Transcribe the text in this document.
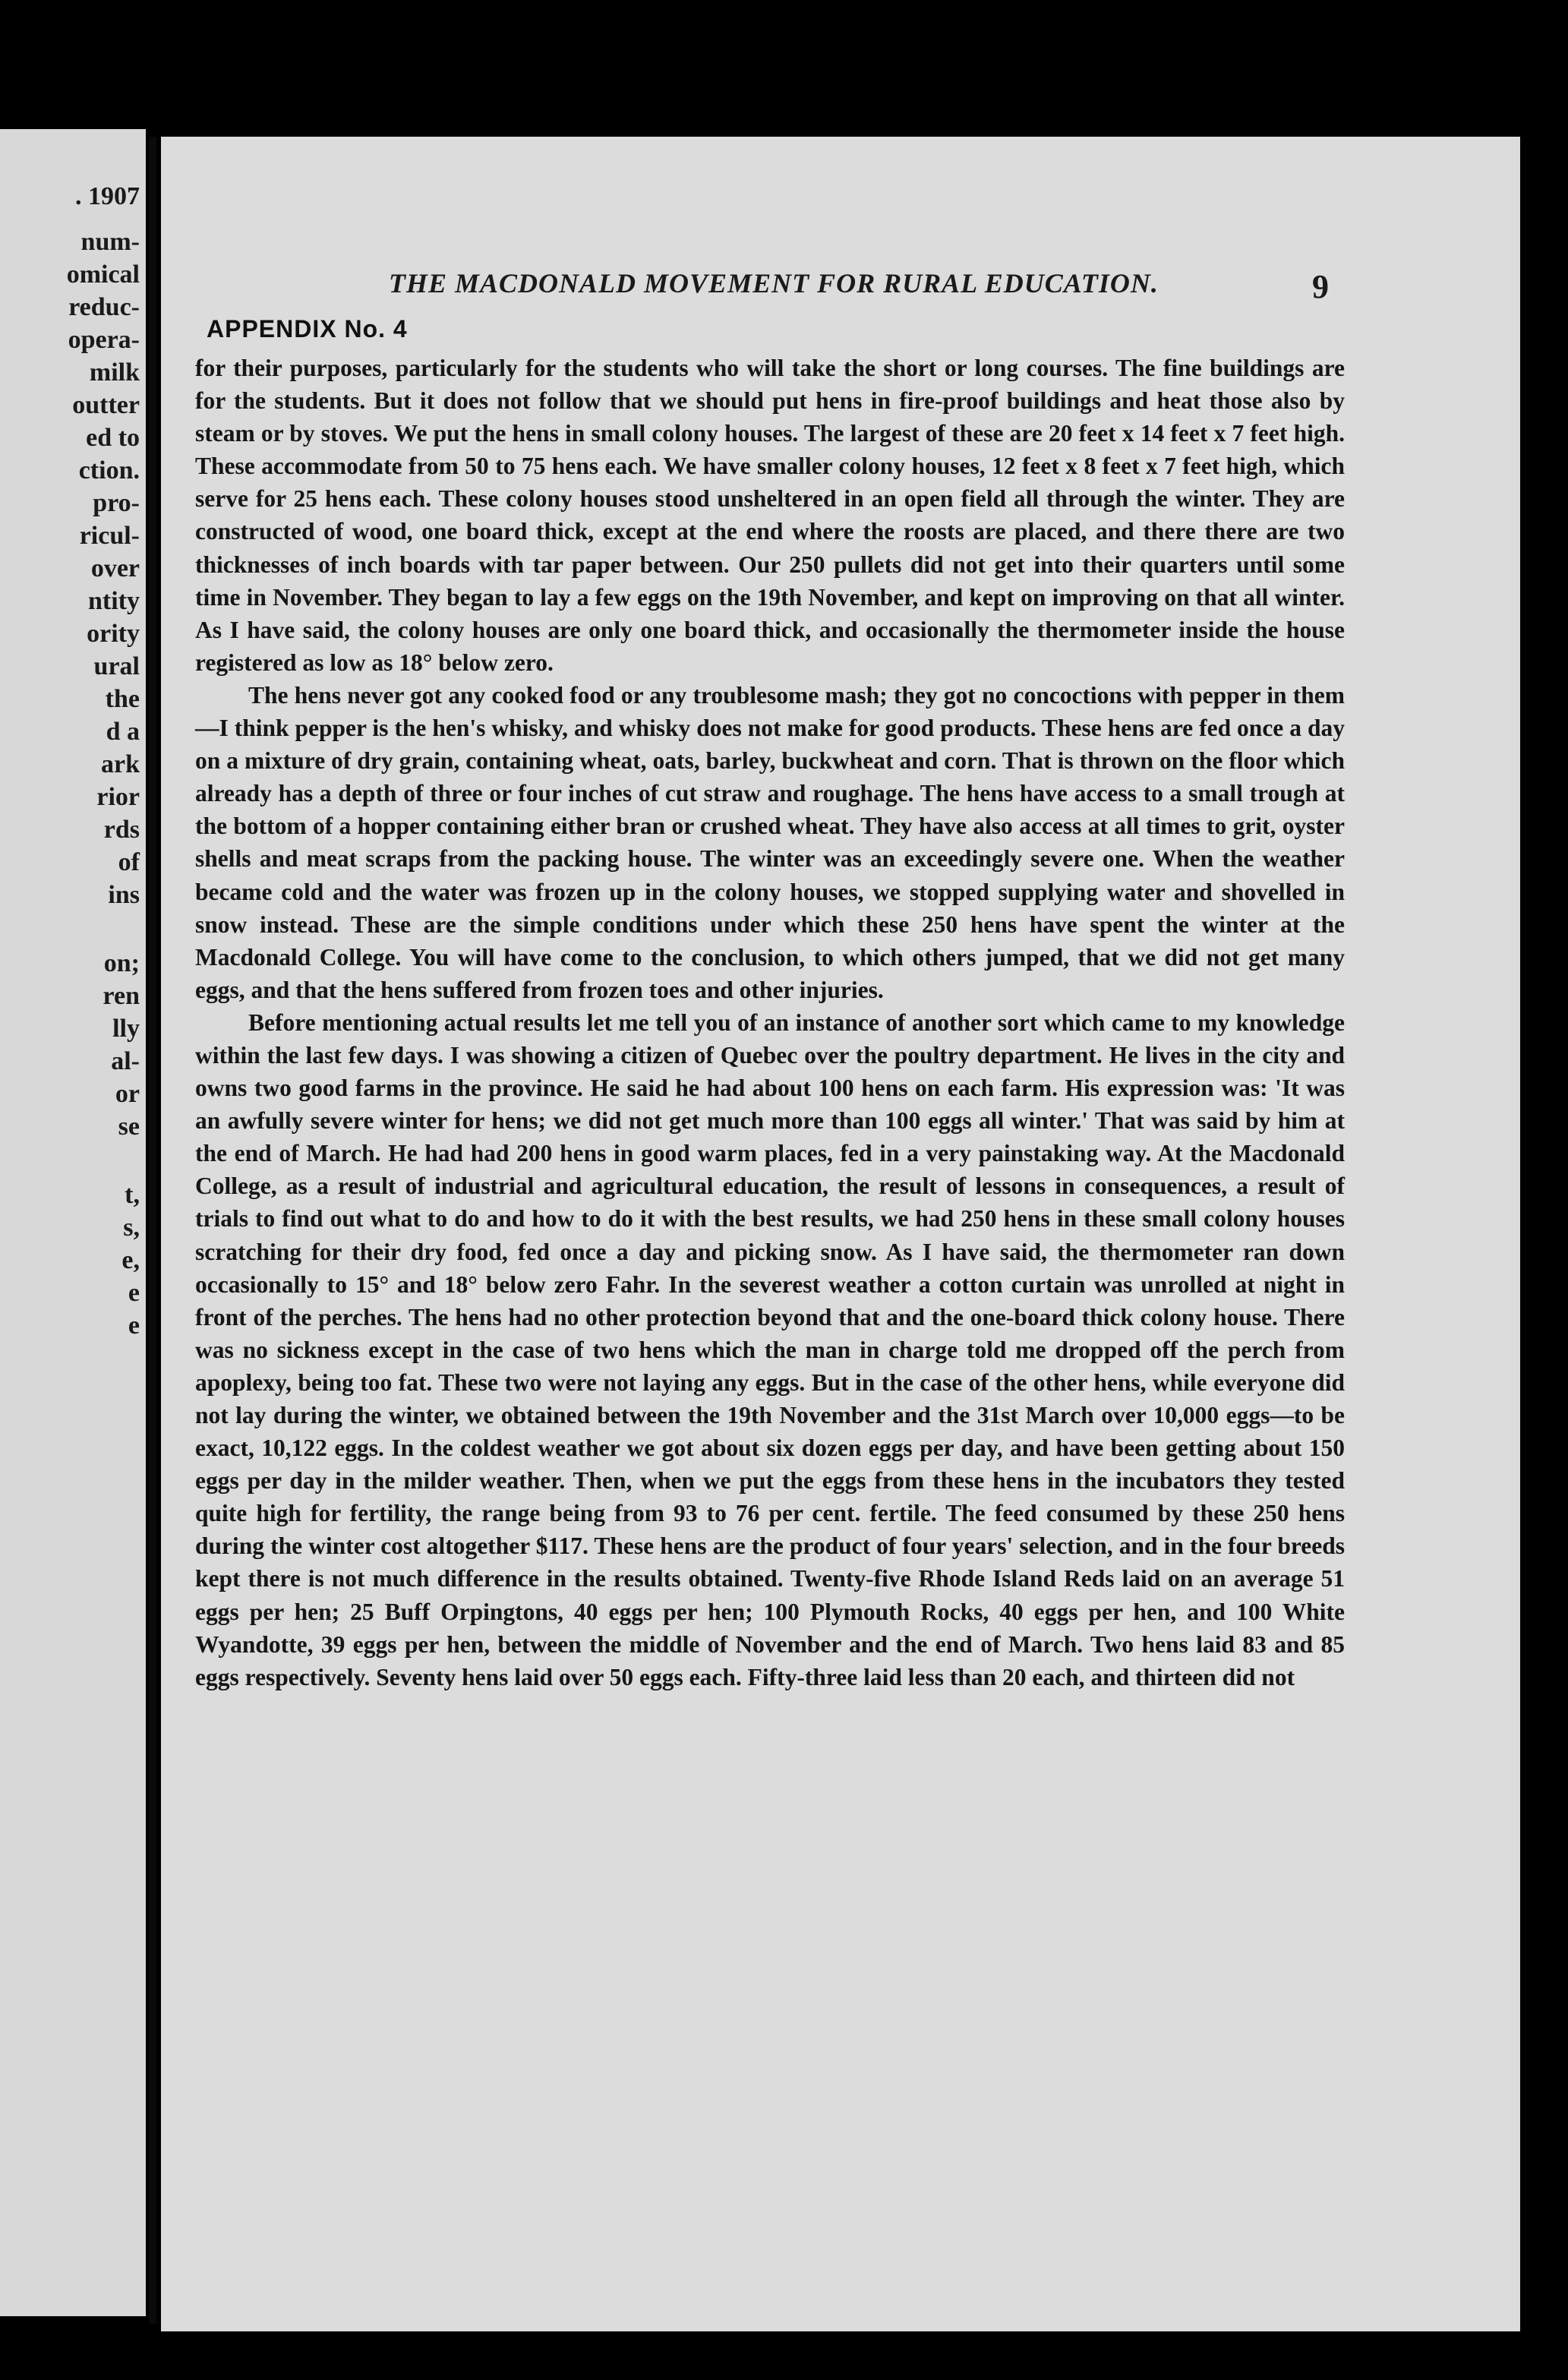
. 1907
num-
omical
reduc-
opera-
milk
outter
ed to
ction.
pro-
ricul-
over
ntity
ority
ural
the
d a
ark
rior
rds
of
ins
on;
ren
lly
al-
or
se
t,
s,
e,
e
e
THE MACDONALD MOVEMENT FOR RURAL EDUCATION.	9
APPENDIX No. 4

for their purposes, particularly for the students who will take the short or long courses. The fine buildings are for the students. But it does not follow that we should put hens in fire-proof buildings and heat those also by steam or by stoves. We put the hens in small colony houses. The largest of these are 20 feet x 14 feet x 7 feet high. These accommodate from 50 to 75 hens each. We have smaller colony houses, 12 feet x 8 feet x 7 feet high, which serve for 25 hens each. These colony houses stood unsheltered in an open field all through the winter. They are constructed of wood, one board thick, except at the end where the roosts are placed, and there there are two thicknesses of inch boards with tar paper between. Our 250 pullets did not get into their quarters until some time in November. They began to lay a few eggs on the 19th November, and kept on improving on that all winter. As I have said, the colony houses are only one board thick, and occasionally the thermometer inside the house registered as low as 18° below zero.

The hens never got any cooked food or any troublesome mash; they got no concoctions with pepper in them—I think pepper is the hen's whisky, and whisky does not make for good products. These hens are fed once a day on a mixture of dry grain, containing wheat, oats, barley, buckwheat and corn. That is thrown on the floor which already has a depth of three or four inches of cut straw and roughage. The hens have access to a small trough at the bottom of a hopper containing either bran or crushed wheat. They have also access at all times to grit, oyster shells and meat scraps from the packing house. The winter was an exceedingly severe one. When the weather became cold and the water was frozen up in the colony houses, we stopped supplying water and shovelled in snow instead. These are the simple conditions under which these 250 hens have spent the winter at the Macdonald College. You will have come to the conclusion, to which others jumped, that we did not get many eggs, and that the hens suffered from frozen toes and other injuries.

Before mentioning actual results let me tell you of an instance of another sort which came to my knowledge within the last few days. I was showing a citizen of Quebec over the poultry department. He lives in the city and owns two good farms in the province. He said he had about 100 hens on each farm. His expression was: 'It was an awfully severe winter for hens; we did not get much more than 100 eggs all winter.' That was said by him at the end of March. He had had 200 hens in good warm places, fed in a very painstaking way. At the Macdonald College, as a result of industrial and agricultural education, the result of lessons in consequences, a result of trials to find out what to do and how to do it with the best results, we had 250 hens in these small colony houses scratching for their dry food, fed once a day and picking snow. As I have said, the thermometer ran down occasionally to 15° and 18° below zero Fahr. In the severest weather a cotton curtain was unrolled at night in front of the perches. The hens had no other protection beyond that and the one-board thick colony house. There was no sickness except in the case of two hens which the man in charge told me dropped off the perch from apoplexy, being too fat. These two were not laying any eggs. But in the case of the other hens, while everyone did not lay during the winter, we obtained between the 19th November and the 31st March over 10,000 eggs—to be exact, 10,122 eggs. In the coldest weather we got about six dozen eggs per day, and have been getting about 150 eggs per day in the milder weather. Then, when we put the eggs from these hens in the incubators they tested quite high for fertility, the range being from 93 to 76 per cent. fertile. The feed consumed by these 250 hens during the winter cost altogether $117. These hens are the product of four years' selection, and in the four breeds kept there is not much difference in the results obtained. Twenty-five Rhode Island Reds laid on an average 51 eggs per hen; 25 Buff Orpingtons, 40 eggs per hen; 100 Plymouth Rocks, 40 eggs per hen, and 100 White Wyandotte, 39 eggs per hen, between the middle of November and the end of March. Two hens laid 83 and 85 eggs respectively. Seventy hens laid over 50 eggs each. Fifty-three laid less than 20 each, and thirteen did not
